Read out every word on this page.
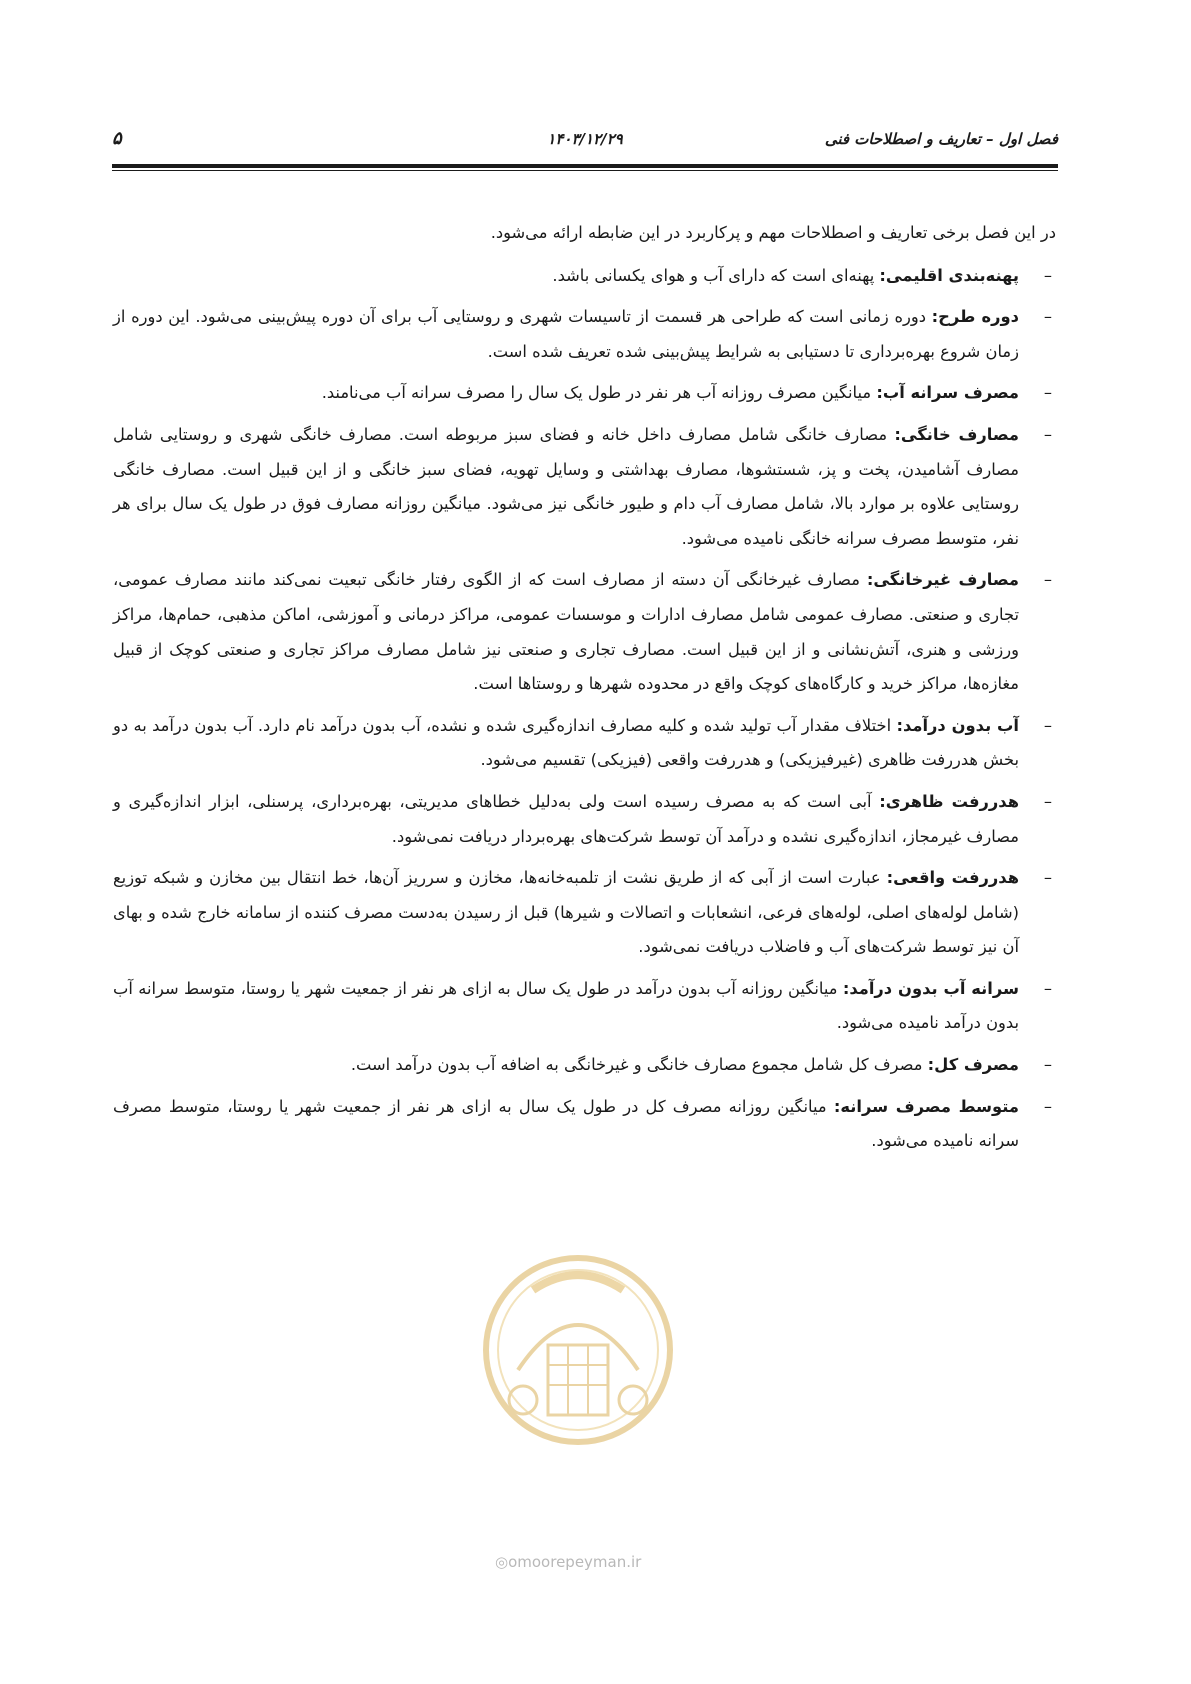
فصل اول – تعاریف و اصطلاحات فنی
۱۴۰۳/۱۲/۲۹
۵

در این فصل برخی تعاریف و اصطلاحات مهم و پرکاربرد در این ضابطه ارائه می‌شود.

–
پهنه‌بندی اقلیمی: پهنه‌ای است که دارای آب و هوای یکسانی باشد.

–
دوره طرح: دوره زمانی است که طراحی هر قسمت از تاسیسات شهری و روستایی آب برای آن دوره پیش‌بینی می‌شود. این دوره از زمان شروع بهره‌برداری تا دستیابی به شرایط پیش‌بینی شده تعریف شده است.

–
مصرف سرانه آب: میانگین مصرف روزانه آب هر نفر در طول یک سال را مصرف سرانه آب می‌نامند.

–
مصارف خانگی: مصارف خانگی شامل مصارف داخل خانه و فضای سبز مربوطه است. مصارف خانگی شهری و روستایی شامل مصارف آشامیدن، پخت و پز، شستشوها، مصارف بهداشتی و وسایل تهویه، فضای سبز خانگی و از این قبیل است. مصارف خانگی روستایی علاوه بر موارد بالا، شامل مصارف آب دام و طیور خانگی نیز می‌شود. میانگین روزانه مصارف فوق در طول یک سال برای هر نفر، متوسط مصرف سرانه خانگی نامیده می‌شود.

–
مصارف غیرخانگی: مصارف غیرخانگی آن دسته از مصارف است که از الگوی رفتار خانگی تبعیت نمی‌کند مانند مصارف عمومی، تجاری و صنعتی. مصارف عمومی شامل مصارف ادارات و موسسات عمومی، مراکز درمانی و آموزشی، اماکن مذهبی، حمام‌ها، مراکز ورزشی و هنری، آتش‌نشانی و از این قبیل است. مصارف تجاری و صنعتی نیز شامل مصارف مراکز تجاری و صنعتی کوچک از قبیل مغازه‌ها، مراکز خرید و کارگاه‌های کوچک واقع در محدوده شهرها و روستاها است.

–
آب بدون درآمد: اختلاف مقدار آب تولید شده و کلیه مصارف اندازه‌گیری شده و نشده، آب بدون درآمد نام دارد. آب بدون درآمد به دو بخش هدررفت ظاهری (غیرفیزیکی) و هدررفت واقعی (فیزیکی) تقسیم می‌شود.

–
هدررفت ظاهری: آبی است که به مصرف رسیده است ولی به‌دلیل خطاهای مدیریتی، بهره‌برداری، پرسنلی، ابزار اندازه‌گیری و مصارف غیرمجاز، اندازه‌گیری نشده و درآمد آن توسط شرکت‌های بهره‌بردار دریافت نمی‌شود.

–
هدررفت واقعی: عبارت است از آبی که از طریق نشت از تلمبه‌خانه‌ها، مخازن و سرریز آن‌ها، خط انتقال بین مخازن و شبکه توزیع (شامل لوله‌های اصلی، لوله‌های فرعی، انشعابات و اتصالات و شیرها) قبل از رسیدن به‌دست مصرف کننده از سامانه خارج شده و بهای آن نیز توسط شرکت‌های آب و فاضلاب دریافت نمی‌شود.

–
سرانه آب بدون درآمد: میانگین روزانه آب بدون درآمد در طول یک سال به ازای هر نفر از جمعیت شهر یا روستا، متوسط سرانه آب بدون درآمد نامیده می‌شود.

–
مصرف کل: مصرف کل شامل مجموع مصارف خانگی و غیرخانگی به اضافه آب بدون درآمد است.

–
متوسط مصرف سرانه: میانگین روزانه مصرف کل در طول یک سال به ازای هر نفر از جمعیت شهر یا روستا، متوسط مصرف سرانه نامیده می‌شود.

◎omoorepeyman.ir
